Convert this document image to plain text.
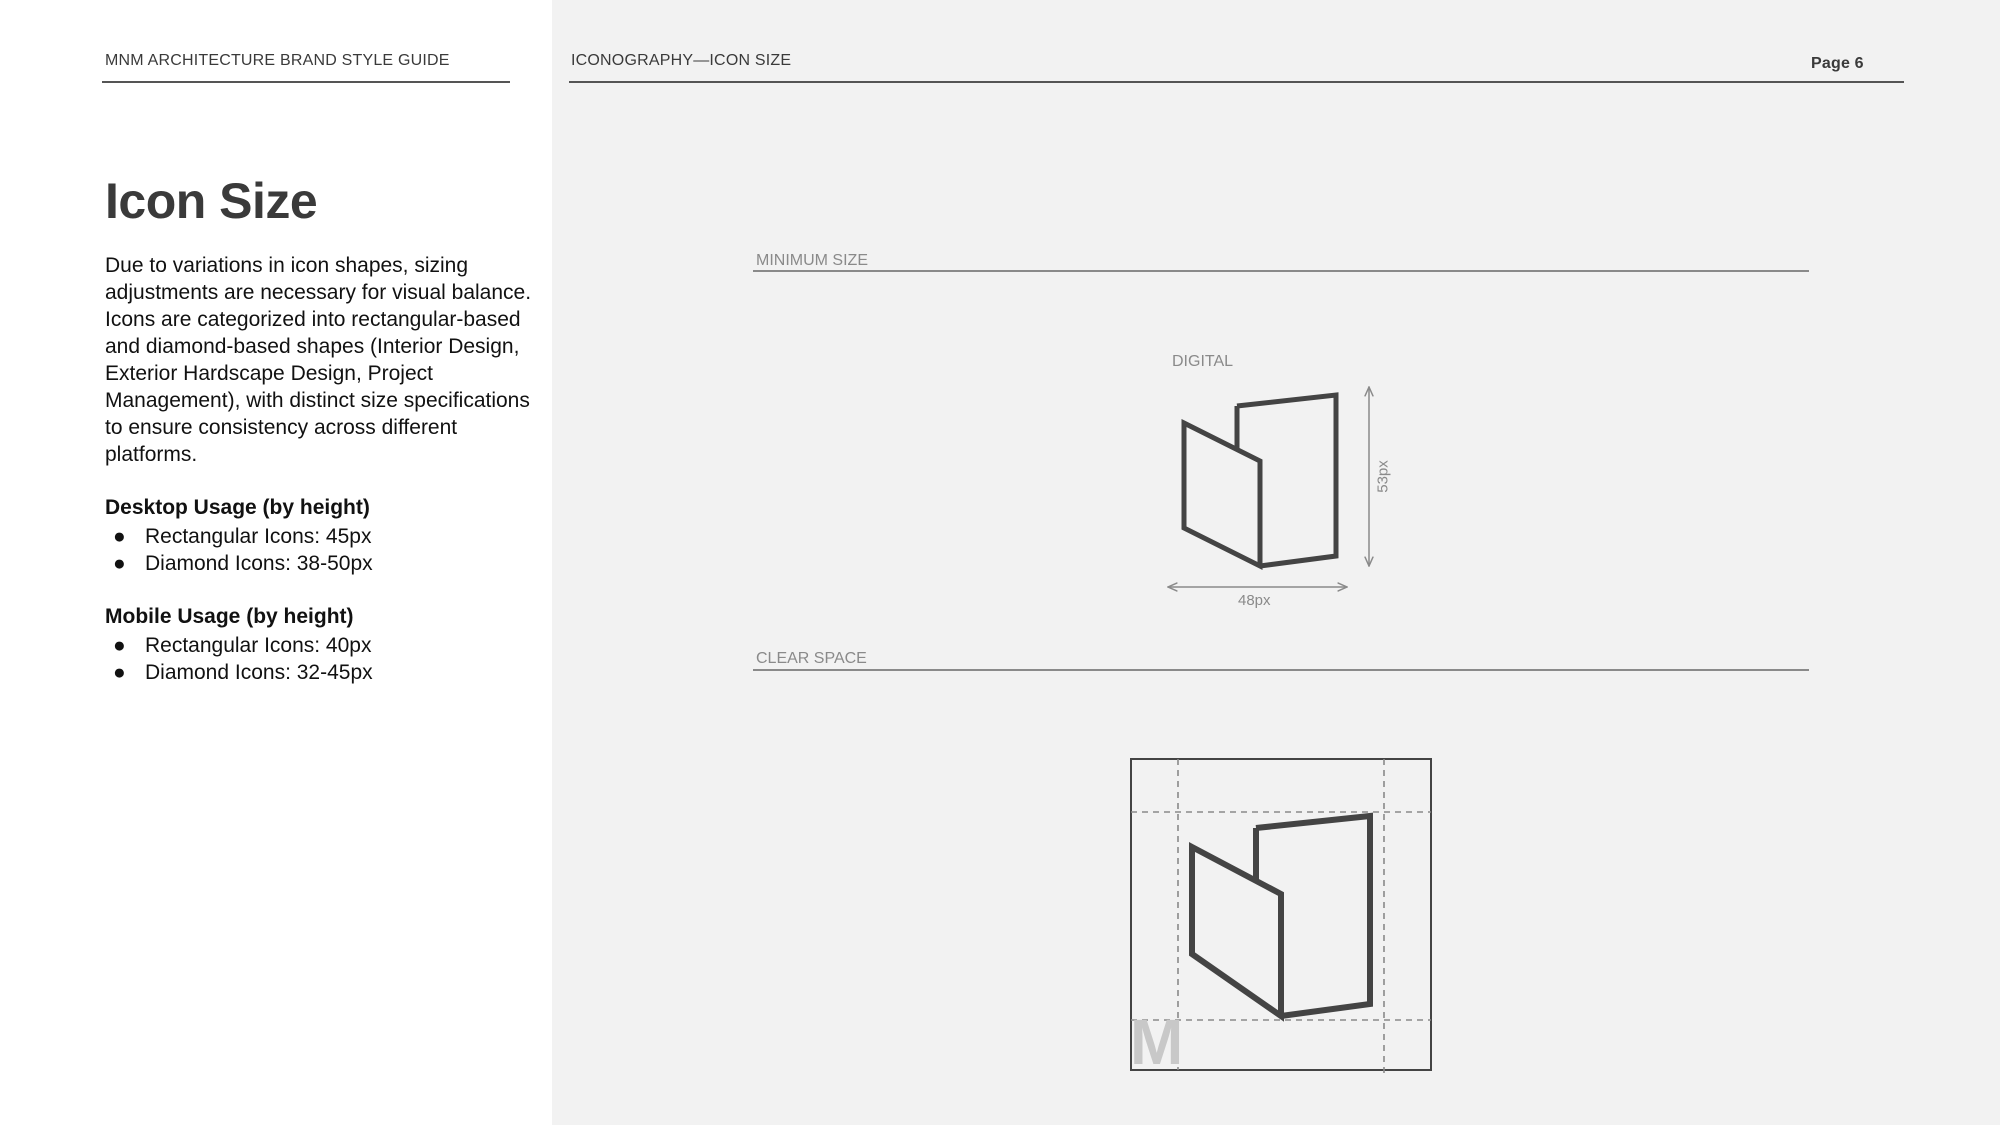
MNM ARCHITECTURE BRAND STYLE GUIDE	ICONOGRAPHY—ICON SIZE	Page 6
Icon Size

Due to variations in icon shapes, sizing adjustments are necessary for visual balance. Icons are categorized into rectangular-based and diamond-based shapes (Interior Design, Exterior Hardscape Design, Project Management), with distinct size specifications to ensure consistency across different platforms.

Desktop Usage (by height)
● Rectangular Icons: 45px
● Diamond Icons: 38-50px
Mobile Usage (by height)
● Rectangular Icons: 40px
● Diamond Icons: 32-45px
MINIMUM SIZE
DIGITAL
CLEAR SPACE
53px
48px
M
